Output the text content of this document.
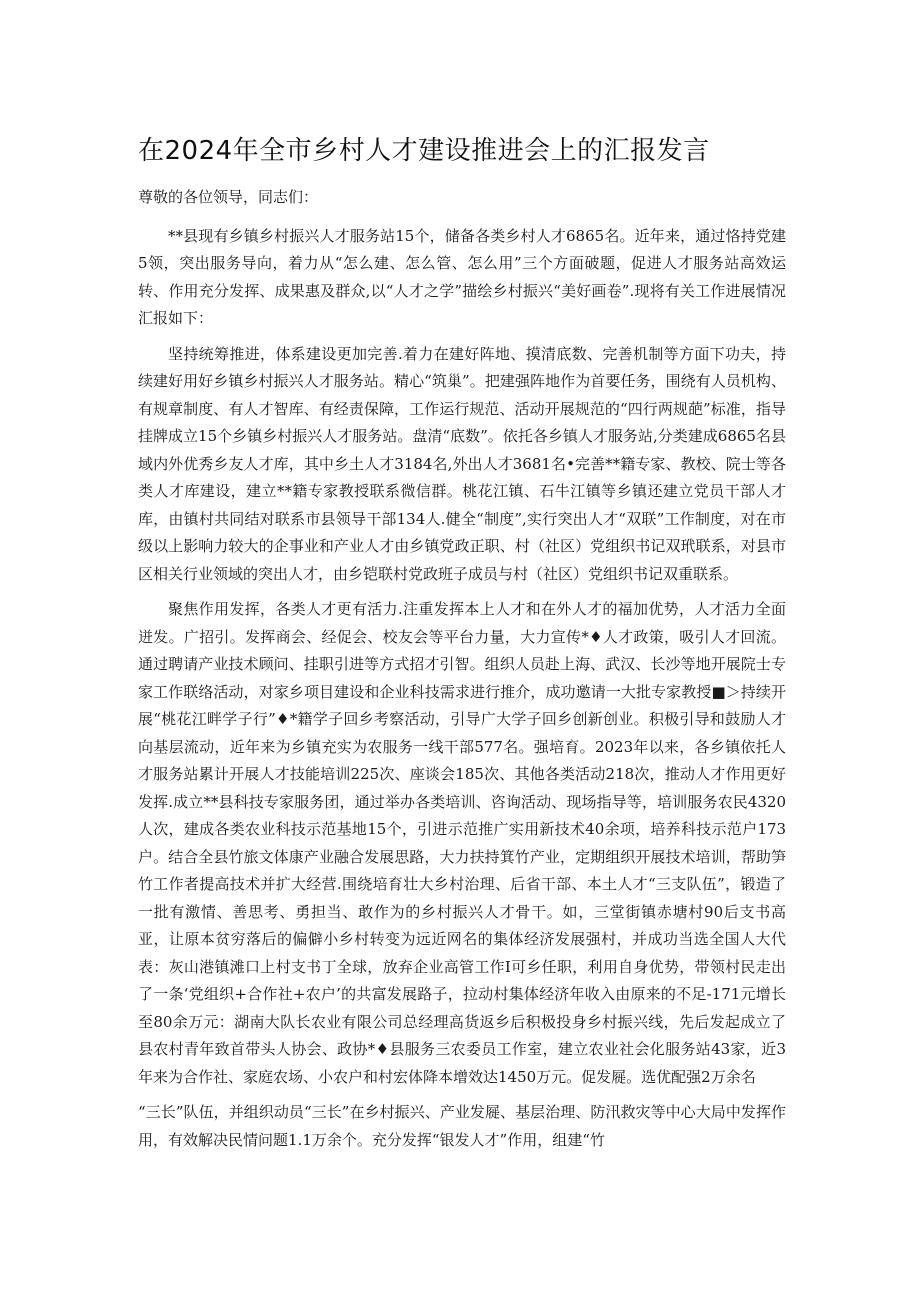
在2024年全市乡村人才建设推进会上的汇报发言

尊敬的各位领导，同志们：

**县现有乡镇乡村振兴人才服务站15个，储备各类乡村人才6865名。近年来，通过恪持党建5领，突出服务导向，着力从“怎么建、怎么管、怎么用”三个方面破题，促进人才服务站高效运转、作用充分发挥、成果惠及群众,以“人才之学”描绘乡村振兴“美好画卷”.现将有关工作进展情况汇报如下：

坚持统筹推进，体系建设更加完善.着力在建好阵地、摸清底数、完善机制等方面下功夫，持续建好用好乡镇乡村振兴人才服务站。精心“筑巢”。把建强阵地作为首要任务，围绕有人员机构、有规章制度、有人才智库、有经责保障，工作运行规范、活动开展规范的“四行两规葩”标准，指导挂牌成立15个乡镇乡村振兴人才服务站。盘清“底数”。依托各乡镇人才服务站,分类建成6865名县域内外优秀乡友人才库，其中乡土人才3184名,外出人才3681名•完善**籍专家、教校、院士等各类人才库建设，建立**籍专家教授联系微信群。桃花江镇、石牛江镇等乡镇还建立党员干部人才库，由镇村共同结对联系市县领导干部134人.健全“制度”,实行突出人才“双联”工作制度，对在市级以上影响力较大的企事业和产业人才由乡镇党政正职、村（社区）党组织书记双玳联系，对县市区相关行业领域的突出人才，由乡铠联村党政班子成员与村（社区）党组织书记双重联系。

聚焦作用发挥，各类人才更有活力.注重发挥本上人才和在外人才的福加优势，人才活力全面迸发。广招引。发挥商会、经促会、校友会等平台力量，大力宣传*♦人才政策，吸引人才回流。通过聘请产业技术顾问、挂职引进等方式招才引智。组织人员赴上海、武汉、长沙等地开展院士专家工作联络活动，对家乡项目建设和企业科技需求进行推介，成功邀请一大批专家教授■＞持续开展“桃花江畔学子行”♦*籍学子回乡考察活动，引导广大学子回乡创新创业。积极引导和鼓励人才向基层流动，近年来为乡镇充实为农服务一线干部577名。强培育。2023年以来，各乡镇依托人才服务站累计开展人才技能培训225次、座谈会185次、其他各类活动218次，推动人才作用更好发挥.成立**县科技专家服务团，通过举办各类培训、咨询活动、现场指导等，培训服务农民4320人次，建成各类农业科技示范基地15个，引进示范推广实用新技术40余项，培养科技示范户173户。结合全县竹旅文体康产业融合发展思路，大力扶持箕竹产业，定期组织开展技术培训，帮助笋竹工作者提高技术并扩大经营.围绕培育壮大乡村治理、后省干部、本土人才“三支队伍”，锻造了一批有激情、善思考、勇担当、敢作为的乡村振兴人才骨干。如，三堂街镇赤塘村90后支书高亚，让原本贫穷落后的偏僻小乡村转变为远近网名的集体经济发展强村，并成功当选全国人大代表：灰山港镇滩口上村支书丁全球，放弃企业高管工作I可乡任职，利用自身优势，带领村民走出了一条‘党组织+合作社+农户’的共富发展路子，拉动村集体经济年收入由原来的不足-171元增长至80余万元：湖南大队长农业有限公司总经理高货返乡后积极投身乡村振兴线，先后发起成立了县农村青年致首带头人协会、政协*♦县服务三农委员工作室，建立农业社会化服务站43家，近3年来为合作社、家庭农场、小农户和村宏体降本增效达1450万元。促发屣。选优配强2万余名

“三长”队伍，并组织动员“三长”在乡村振兴、产业发屣、基层治理、防汛救灾等中心大局中发挥作用，有效解决民情问题1.1万余个。充分发挥“银发人才”作用，组建“竹
